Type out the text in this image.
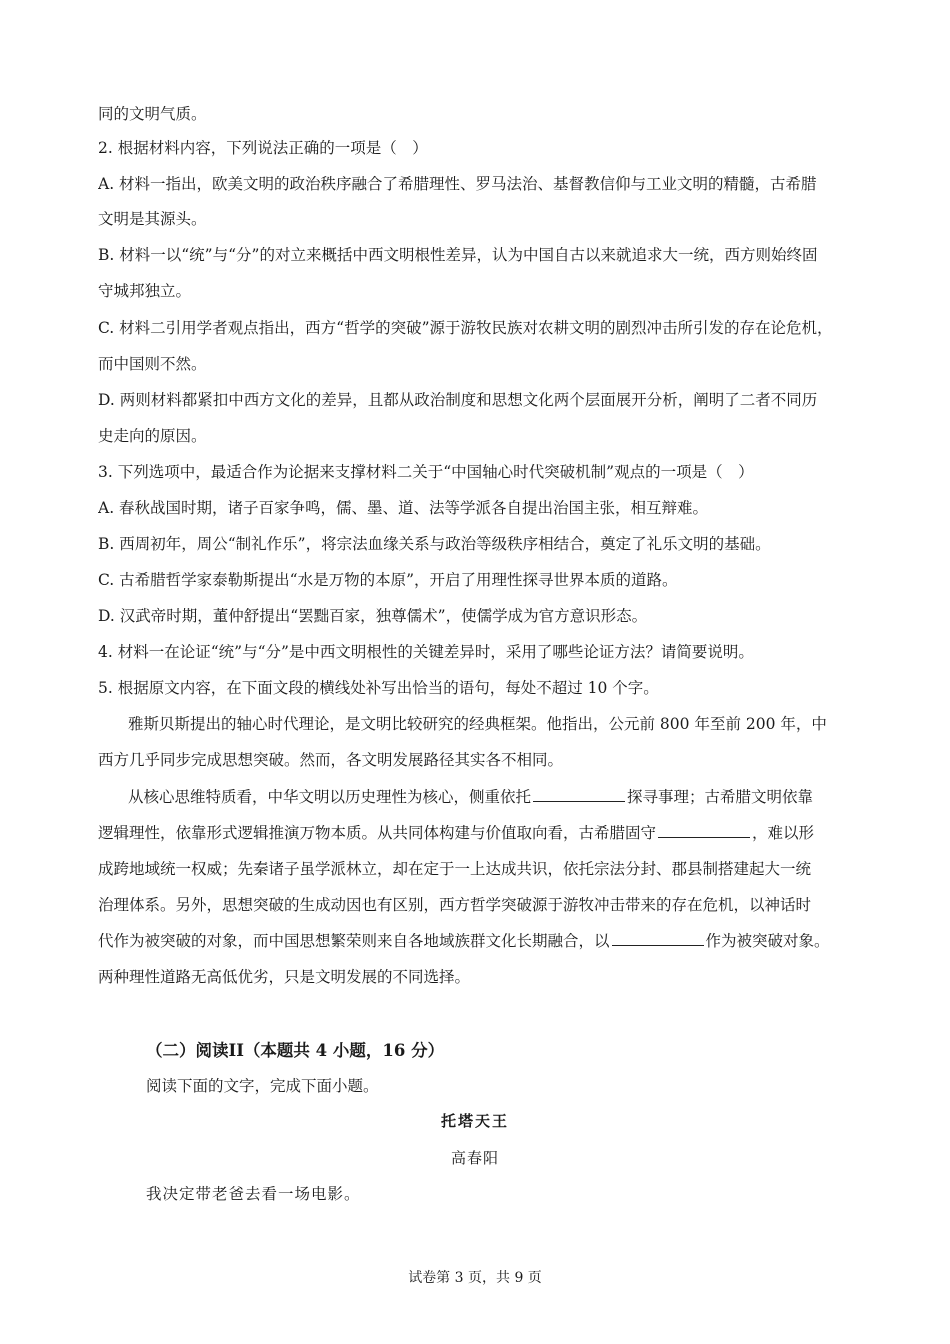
同的文明气质。
2. 根据材料内容，下列说法正确的一项是（　）
A. 材料一指出，欧美文明的政治秩序融合了希腊理性、罗马法治、基督教信仰与工业文明的精髓，古希腊
文明是其源头。
B. 材料一以“统”与“分”的对立来概括中西文明根性差异，认为中国自古以来就追求大一统，西方则始终固
守城邦独立。
C. 材料二引用学者观点指出，西方“哲学的突破”源于游牧民族对农耕文明的剧烈冲击所引发的存在论危机，
而中国则不然。
D. 两则材料都紧扣中西方文化的差异，且都从政治制度和思想文化两个层面展开分析，阐明了二者不同历
史走向的原因。
3. 下列选项中，最适合作为论据来支撑材料二关于“中国轴心时代突破机制”观点的一项是（　）
A. 春秋战国时期，诸子百家争鸣，儒、墨、道、法等学派各自提出治国主张，相互辩难。
B. 西周初年，周公“制礼作乐”，将宗法血缘关系与政治等级秩序相结合，奠定了礼乐文明的基础。
C. 古希腊哲学家泰勒斯提出“水是万物的本原”，开启了用理性探寻世界本质的道路。
D. 汉武帝时期，董仲舒提出“罢黜百家，独尊儒术”，使儒学成为官方意识形态。
4. 材料一在论证“统”与“分”是中西文明根性的关键差异时，采用了哪些论证方法？请简要说明。
5. 根据原文内容，在下面文段的横线处补写出恰当的语句，每处不超过 10 个字。
雅斯贝斯提出的轴心时代理论，是文明比较研究的经典框架。他指出，公元前 800 年至前 200 年，中
西方几乎同步完成思想突破。然而，各文明发展路径其实各不相同。
从核心思维特质看，中华文明以历史理性为核心，侧重依托	探寻事理；古希腊文明依靠
逻辑理性，依靠形式逻辑推演万物本质。从共同体构建与价值取向看，古希腊固守	，难以形
成跨地域统一权威；先秦诸子虽学派林立，却在定于一上达成共识，依托宗法分封、郡县制搭建起大一统
治理体系。另外，思想突破的生成动因也有区别，西方哲学突破源于游牧冲击带来的存在危机，以神话时
代作为被突破的对象，而中国思想繁荣则来自各地域族群文化长期融合，以	作为被突破对象。
两种理性道路无高低优劣，只是文明发展的不同选择。
（二）阅读II（本题共 4 小题，16 分）
阅读下面的文字，完成下面小题。
托塔天王
高春阳
我决定带老爸去看一场电影。
试卷第 3 页，共 9 页
